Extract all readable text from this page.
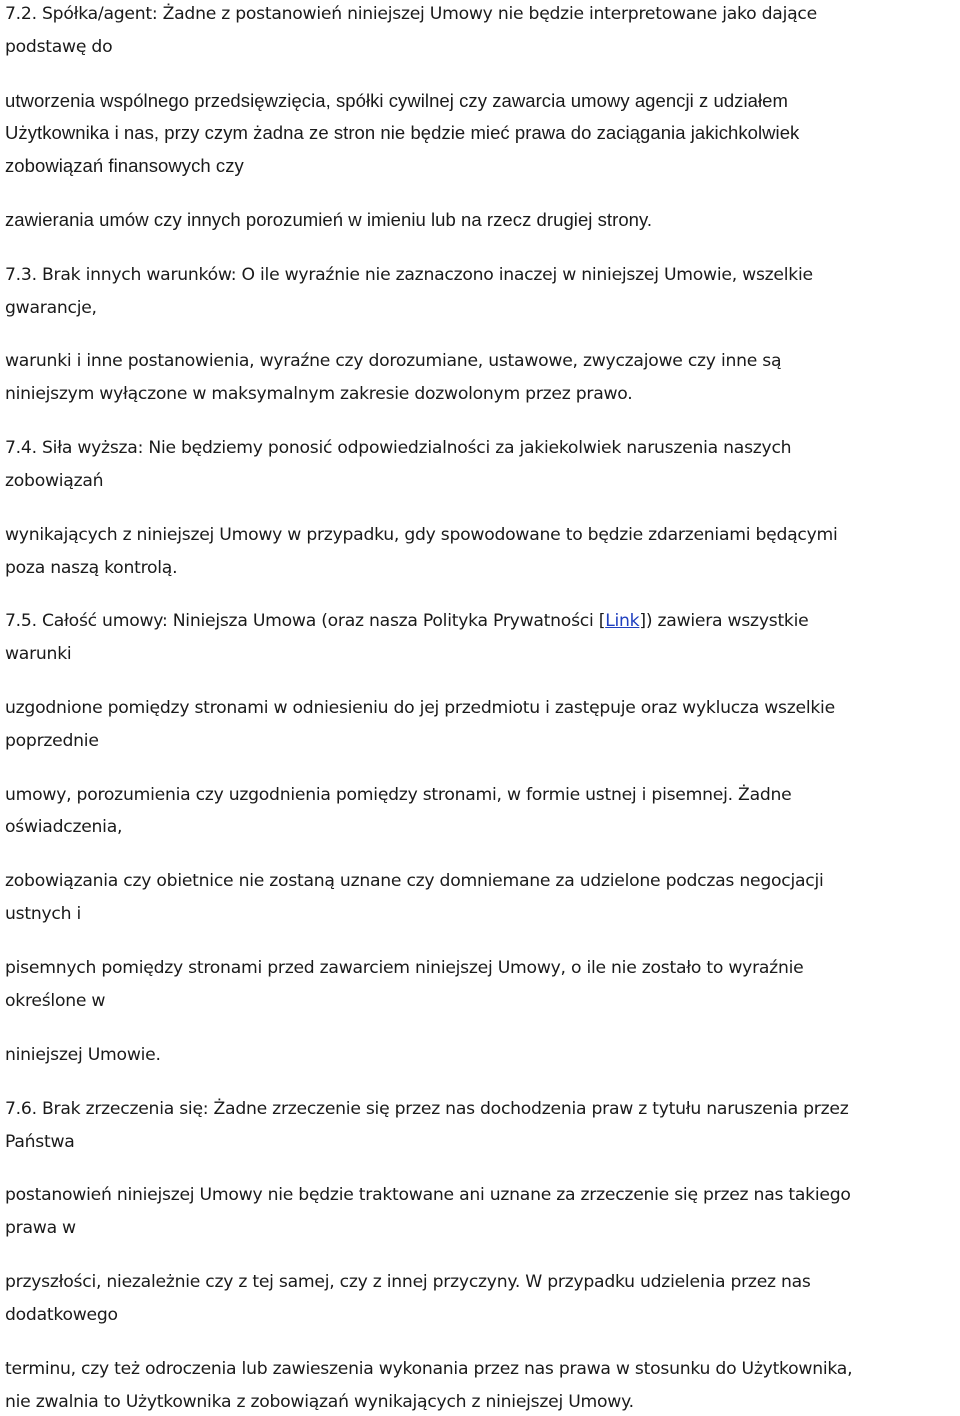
7.2. Spółka/agent: Żadne z postanowień niniejszej Umowy nie będzie interpretowane jako dające
podstawę do
utworzenia wspólnego przedsięwzięcia, spółki cywilnej czy zawarcia umowy agencji z udziałem
Użytkownika i nas, przy czym żadna ze stron nie będzie mieć prawa do zaciągania jakichkolwiek
zobowiązań finansowych czy
zawierania umów czy innych porozumień w imieniu lub na rzecz drugiej strony.
7.3. Brak innych warunków: O ile wyraźnie nie zaznaczono inaczej w niniejszej Umowie, wszelkie
gwarancje,
warunki i inne postanowienia, wyraźne czy dorozumiane, ustawowe, zwyczajowe czy inne są
niniejszym wyłączone w maksymalnym zakresie dozwolonym przez prawo.
7.4. Siła wyższa: Nie będziemy ponosić odpowiedzialności za jakiekolwiek naruszenia naszych
zobowiązań
wynikających z niniejszej Umowy w przypadku, gdy spowodowane to będzie zdarzeniami będącymi
poza naszą kontrolą.
7.5. Całość umowy: Niniejsza Umowa (oraz nasza Polityka Prywatności [Link]) zawiera wszystkie
warunki
uzgodnione pomiędzy stronami w odniesieniu do jej przedmiotu i zastępuje oraz wyklucza wszelkie
poprzednie
umowy, porozumienia czy uzgodnienia pomiędzy stronami, w formie ustnej i pisemnej. Żadne
oświadczenia,
zobowiązania czy obietnice nie zostaną uznane czy domniemane za udzielone podczas negocjacji
ustnych i
pisemnych pomiędzy stronami przed zawarciem niniejszej Umowy, o ile nie zostało to wyraźnie
określone w
niniejszej Umowie.
7.6. Brak zrzeczenia się: Żadne zrzeczenie się przez nas dochodzenia praw z tytułu naruszenia przez
Państwa
postanowień niniejszej Umowy nie będzie traktowane ani uznane za zrzeczenie się przez nas takiego
prawa w
przyszłości, niezależnie czy z tej samej, czy z innej przyczyny. W przypadku udzielenia przez nas
dodatkowego
terminu, czy też odroczenia lub zawieszenia wykonania przez nas prawa w stosunku do Użytkownika,
nie zwalnia to Użytkownika z zobowiązań wynikających z niniejszej Umowy.
